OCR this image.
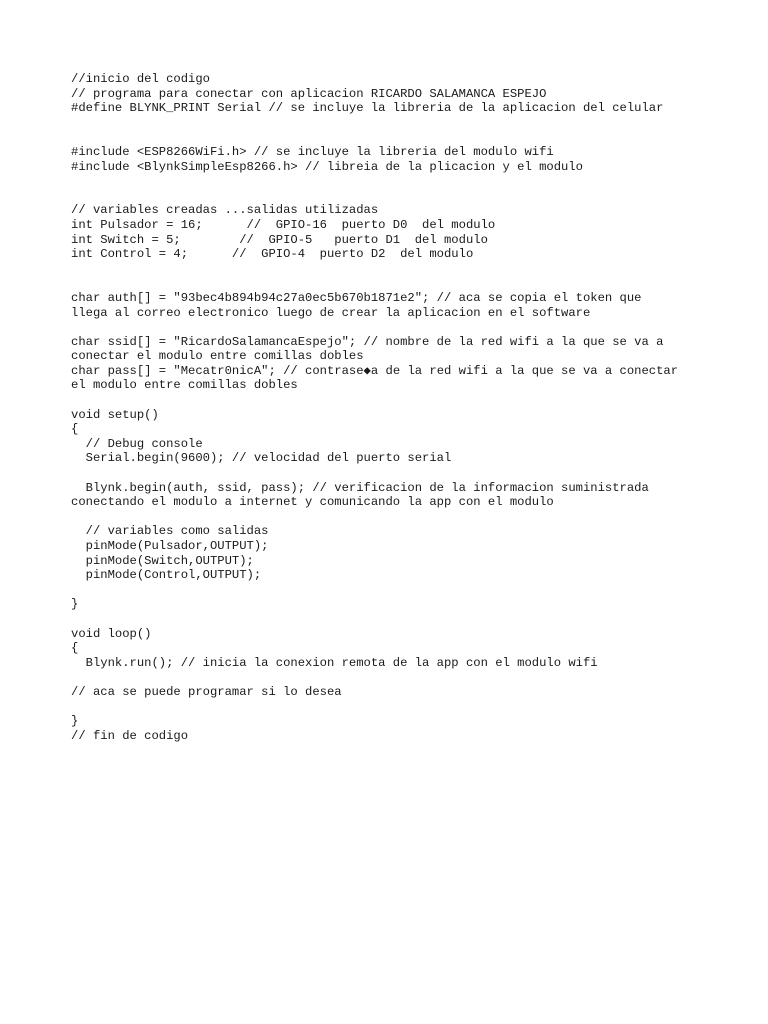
//inicio del codigo
// programa para conectar con aplicacion RICARDO SALAMANCA ESPEJO
#define BLYNK_PRINT Serial // se incluye la libreria de la aplicacion del celular
#include <ESP8266WiFi.h> // se incluye la libreria del modulo wifi
#include <BlynkSimpleEsp8266.h> // libreia de la plicacion y el modulo
// variables creadas ...salidas utilizadas
int Pulsador = 16;      //  GPIO-16  puerto D0  del modulo
int Switch = 5;        //  GPIO-5   puerto D1  del modulo
int Control = 4;      //  GPIO-4  puerto D2  del modulo
char auth[] = "93bec4b894b94c27a0ec5b670b1871e2"; // aca se copia el token que
llega al correo electronico luego de crear la aplicacion en el software
char ssid[] = "RicardoSalamancaEspejo"; // nombre de la red wifi a la que se va a
conectar el modulo entre comillas dobles
char pass[] = "Mecatr0nicA"; // contrase◆a de la red wifi a la que se va a conectar
el modulo entre comillas dobles
void setup()
{
// Debug console
Serial.begin(9600); // velocidad del puerto serial
Blynk.begin(auth, ssid, pass); // verificacion de la informacion suministrada
conectando el modulo a internet y comunicando la app con el modulo
// variables como salidas
pinMode(Pulsador,OUTPUT);
pinMode(Switch,OUTPUT);
pinMode(Control,OUTPUT);
}
void loop()
{
Blynk.run(); // inicia la conexion remota de la app con el modulo wifi
// aca se puede programar si lo desea
}
// fin de codigo
